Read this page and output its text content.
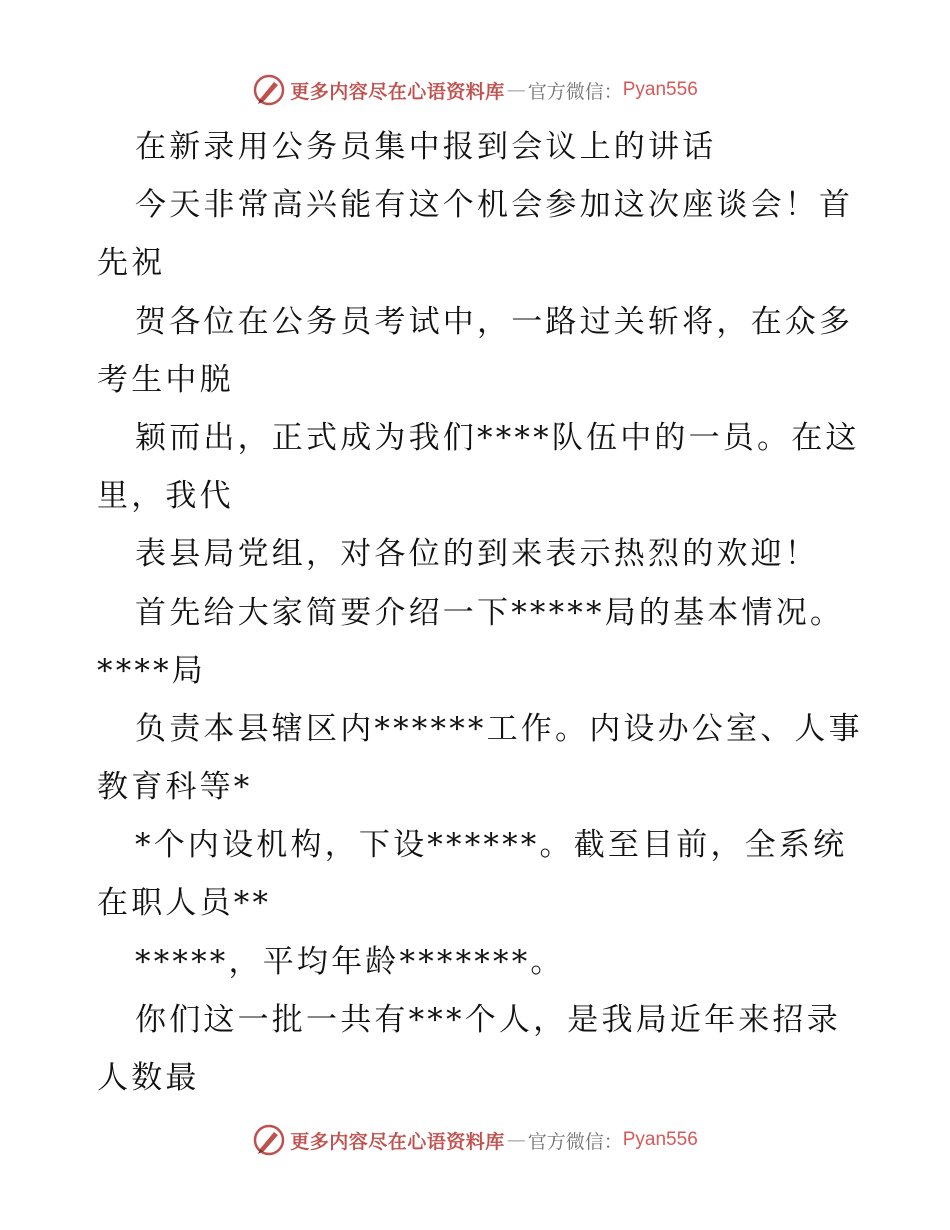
更多内容尽在心语资料库 — 官方微信： Pyan556
在新录用公务员集中报到会议上的讲话
今天非常高兴能有这个机会参加这次座谈会！首
先祝
贺各位在公务员考试中，一路过关斩将，在众多
考生中脱
颖而出，正式成为我们****队伍中的一员。在这
里，我代
表县局党组，对各位的到来表示热烈的欢迎！
首先给大家简要介绍一下*****局的基本情况。
****局
负责本县辖区内******工作。内设办公室、人事
教育科等*
*个内设机构，下设******。截至目前，全系统
在职人员**
*****，平均年龄*******。
你们这一批一共有***个人，是我局近年来招录
人数最
更多内容尽在心语资料库 — 官方微信： Pyan556
